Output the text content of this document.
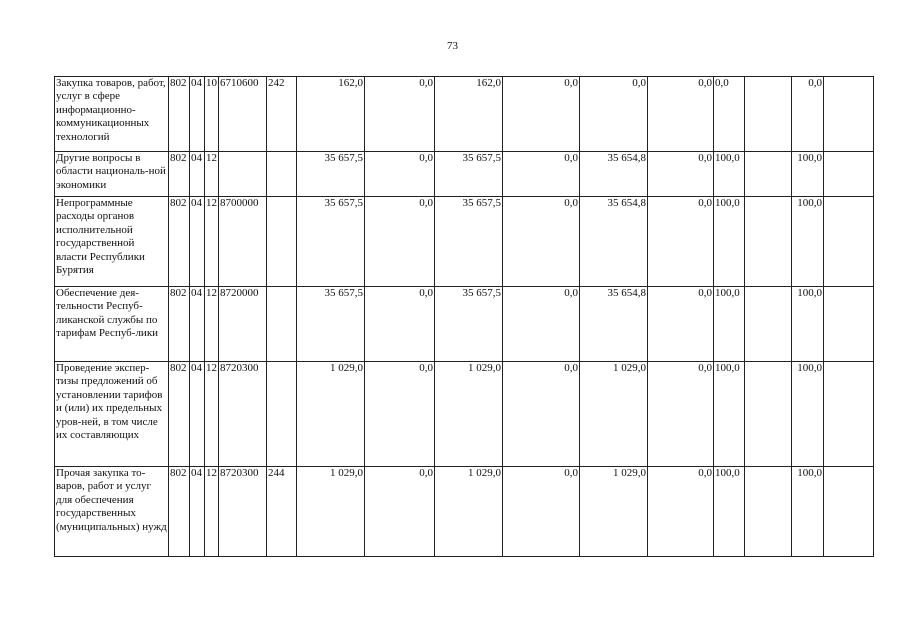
73
Закупка товаров, работ, услуг в сфере информационно-коммуникационных технологий	802	04	10	6710600	242	162,0	0,0	162,0	0,0	0,0	0,0	0,0		0,0	
Другие вопросы в области националь-ной экономики	802	04	12			35 657,5	0,0	35 657,5	0,0	35 654,8	0,0	100,0		100,0	
Непрограммные расходы органов исполнительной государственной власти Республики Бурятия	802	04	12	8700000		35 657,5	0,0	35 657,5	0,0	35 654,8	0,0	100,0		100,0	
Обеспечение дея-тельности Респуб-ликанской службы по тарифам Респуб-лики	802	04	12	8720000		35 657,5	0,0	35 657,5	0,0	35 654,8	0,0	100,0		100,0	
Проведение экспер-тизы предложений об установлении тарифов и (или) их предельных уров-ней, в том числе их составляющих	802	04	12	8720300		1 029,0	0,0	1 029,0	0,0	1 029,0	0,0	100,0		100,0	
Прочая закупка то-варов, работ и услуг для обеспечения государственных (муниципальных) нужд	802	04	12	8720300	244	1 029,0	0,0	1 029,0	0,0	1 029,0	0,0	100,0		100,0	
